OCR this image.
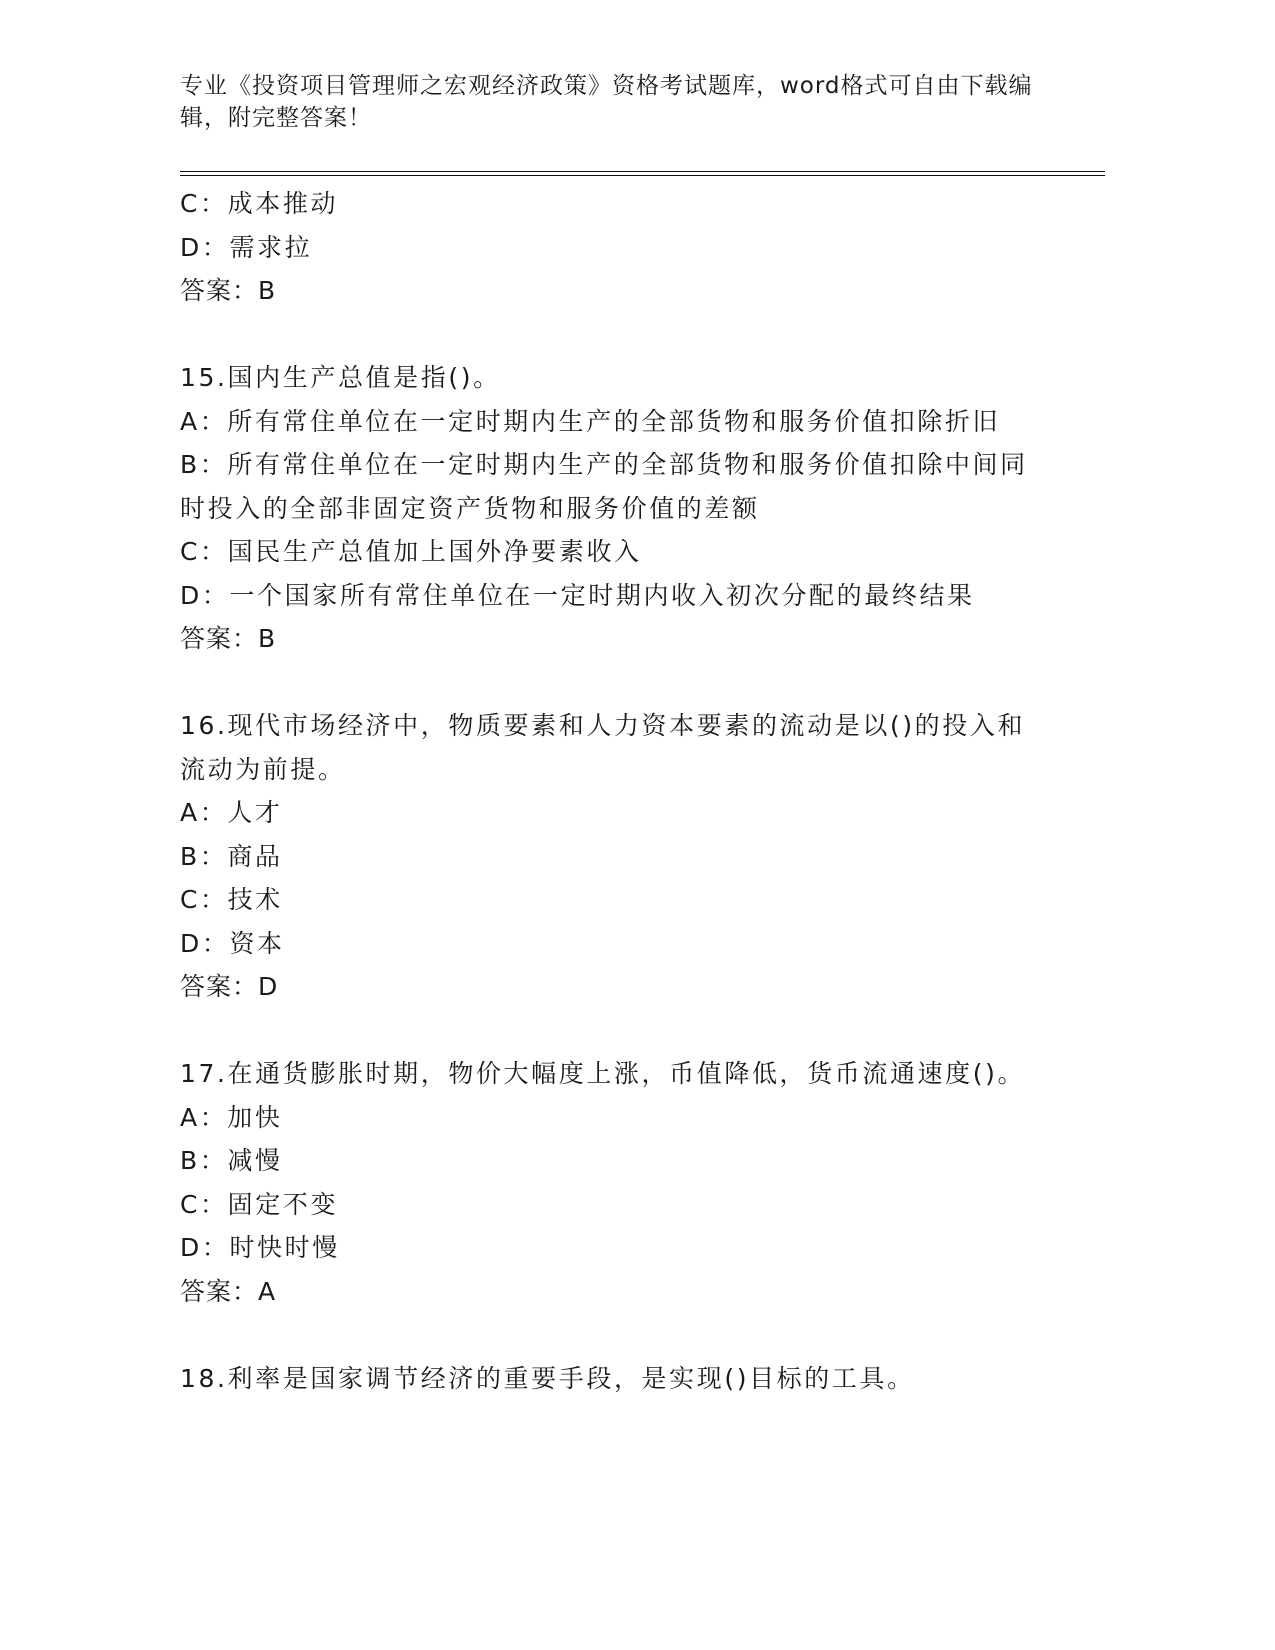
专业《投资项目管理师之宏观经济政策》资格考试题库，word格式可自由下载编
辑，附完整答案！
C：成本推动
D：需求拉
答案：B
15.国内生产总值是指()。
A：所有常住单位在一定时期内生产的全部货物和服务价值扣除折旧
B：所有常住单位在一定时期内生产的全部货物和服务价值扣除中间同
时投入的全部非固定资产货物和服务价值的差额
C：国民生产总值加上国外净要素收入
D：一个国家所有常住单位在一定时期内收入初次分配的最终结果
答案：B
16.现代市场经济中，物质要素和人力资本要素的流动是以()的投入和
流动为前提。
A：人才
B：商品
C：技术
D：资本
答案：D
17.在通货膨胀时期，物价大幅度上涨，币值降低，货币流通速度()。
A：加快
B：减慢
C：固定不变
D：时快时慢
答案：A
18.利率是国家调节经济的重要手段，是实现()目标的工具。
